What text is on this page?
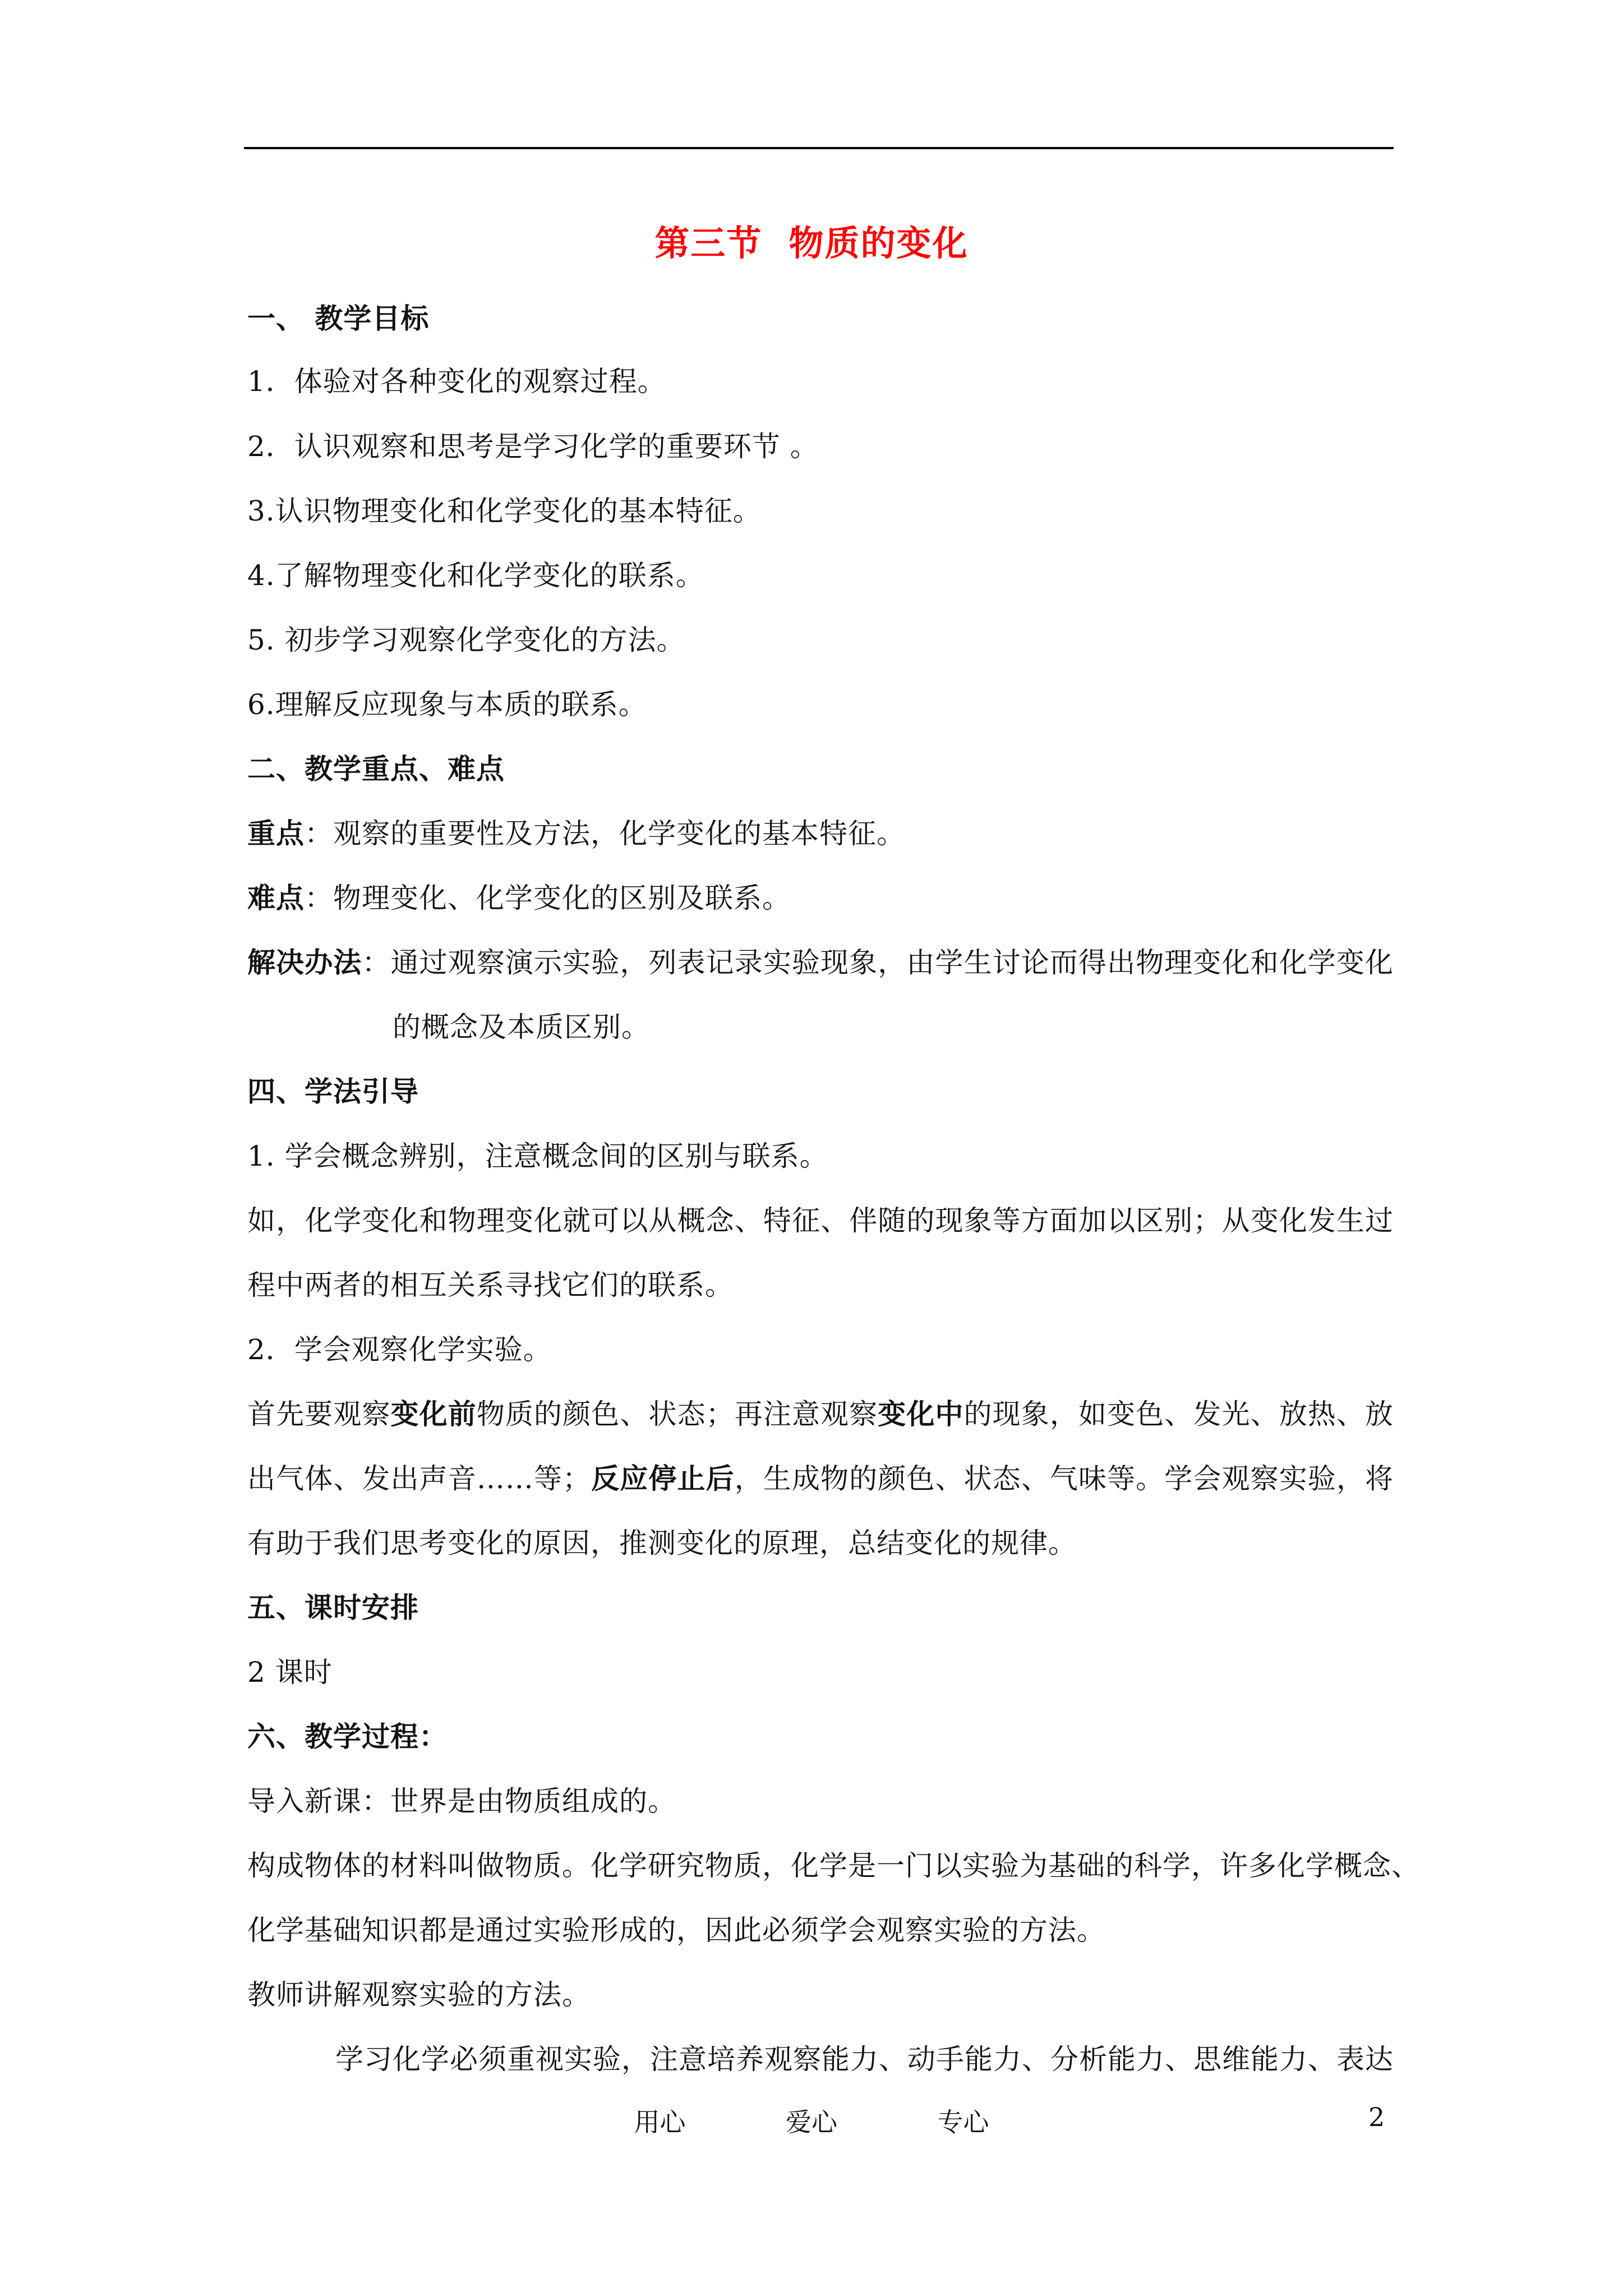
第三节  物质的变化
一、 教学目标
1．体验对各种变化的观察过程。
2．认识观察和思考是学习化学的重要环节 。
3.认识物理变化和化学变化的基本特征。
4.了解物理变化和化学变化的联系。
5. 初步学习观察化学变化的方法。
6.理解反应现象与本质的联系。
二、教学重点、难点
重点：观察的重要性及方法，化学变化的基本特征。
难点：物理变化、化学变化的区别及联系。
解决办法：通过观察演示实验，列表记录实验现象，由学生讨论而得出物理变化和化学变化
的概念及本质区别。
四、学法引导
1. 学会概念辨别，注意概念间的区别与联系。
如，化学变化和物理变化就可以从概念、特征、伴随的现象等方面加以区别；从变化发生过
程中两者的相互关系寻找它们的联系。
2．学会观察化学实验。
首先要观察变化前物质的颜色、状态；再注意观察变化中的现象，如变色、发光、放热、放
出气体、发出声音……等；反应停止后，生成物的颜色、状态、气味等。学会观察实验，将
有助于我们思考变化的原因，推测变化的原理，总结变化的规律。
五、课时安排
2 课时
六、教学过程：
导入新课：世界是由物质组成的。
构成物体的材料叫做物质。化学研究物质，化学是一门以实验为基础的科学，许多化学概念、
化学基础知识都是通过实验形成的，因此必须学会观察实验的方法。
教师讲解观察实验的方法。
学习化学必须重视实验，注意培养观察能力、动手能力、分析能力、思维能力、表达
用心    爱心    专心	2
